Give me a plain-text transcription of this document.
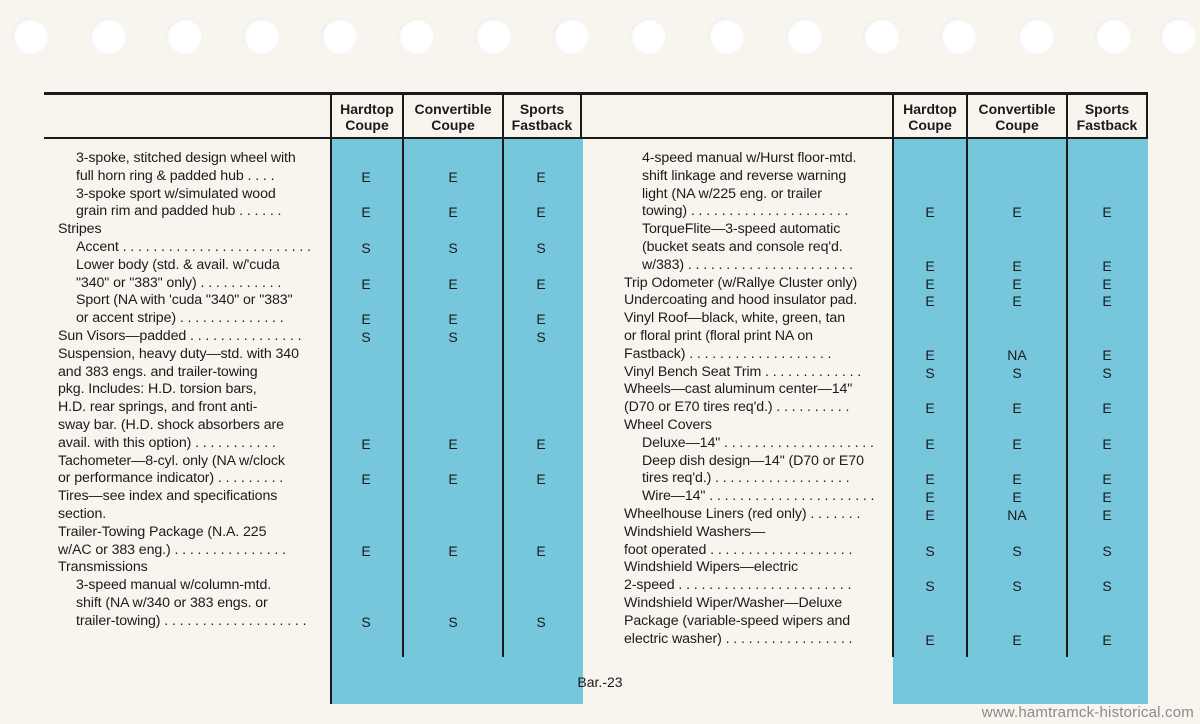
Hardtop
Coupe
Convertible
Coupe
Sports
Fastback
3-spoke, stitched design wheel with
full horn ring & padded hub . . . .	E	E	E
3-spoke sport w/simulated wood
grain rim and padded hub . . . . . .	E	E	E
Stripes
Accent . . . . . . . . . . . . . . . . . . . . . . . . .	S	S	S
Lower body (std. & avail. w/'cuda
"340" or "383" only) . . . . . . . . . . .	E	E	E
Sport (NA with 'cuda "340" or "383"
or accent stripe) . . . . . . . . . . . . . .	E	E	E
Sun Visors—padded . . . . . . . . . . . . . . .	S	S	S
Suspension, heavy duty—std. with 340
and 383 engs. and trailer-towing
pkg. Includes: H.D. torsion bars,
H.D. rear springs, and front anti-
sway bar. (H.D. shock absorbers are
avail. with this option) . . . . . . . . . . .	E	E	E
Tachometer—8-cyl. only (NA w/clock
or performance indicator) . . . . . . . . .	E	E	E
Tires—see index and specifications
section.
Trailer-Towing Package (N.A. 225
w/AC or 383 eng.) . . . . . . . . . . . . . . .	E	E	E
Transmissions
3-speed manual w/column-mtd.
shift (NA w/340 or 383 engs. or
trailer-towing) . . . . . . . . . . . . . . . . . . .	S	S	S
Hardtop
Coupe
Convertible
Coupe
Sports
Fastback
4-speed manual w/Hurst floor-mtd.
shift linkage and reverse warning
light (NA w/225 eng. or trailer
towing) . . . . . . . . . . . . . . . . . . . . .	E	E	E
TorqueFlite—3-speed automatic
(bucket seats and console req'd.
w/383) . . . . . . . . . . . . . . . . . . . . . .	E	E	E
Trip Odometer (w/Rallye Cluster only)	E	E	E
Undercoating and hood insulator pad.	E	E	E
Vinyl Roof—black, white, green, tan
or floral print (floral print NA on
Fastback) . . . . . . . . . . . . . . . . . . .	E	NA	E
Vinyl Bench Seat Trim . . . . . . . . . . . . .	S	S	S
Wheels—cast aluminum center—14"
(D70 or E70 tires req'd.) . . . . . . . . . .	E	E	E
Wheel Covers
Deluxe—14" . . . . . . . . . . . . . . . . . . . .	E	E	E
Deep dish design—14" (D70 or E70
tires req'd.) . . . . . . . . . . . . . . . . . .	E	E	E
Wire—14" . . . . . . . . . . . . . . . . . . . . . .	E	E	E
Wheelhouse Liners (red only) . . . . . . .	E	NA	E
Windshield Washers—
foot operated . . . . . . . . . . . . . . . . . . .	S	S	S
Windshield Wipers—electric
2-speed . . . . . . . . . . . . . . . . . . . . . . .	S	S	S
Windshield Wiper/Washer—Deluxe
Package (variable-speed wipers and
electric washer) . . . . . . . . . . . . . . . . .	E	E	E
Bar.-23
www.hamtramck-historical.com
